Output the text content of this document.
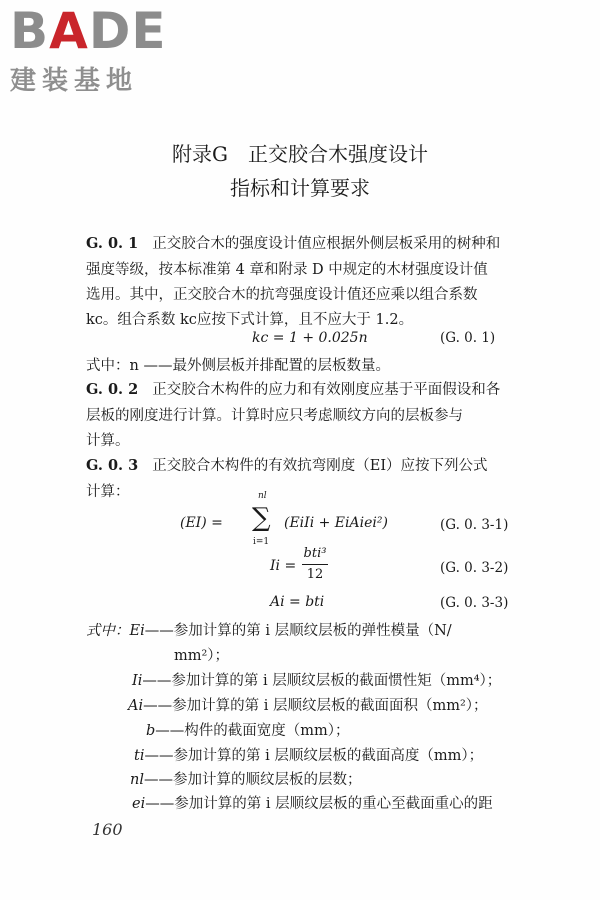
BADE
建装基地
附录G　正交胶合木强度设计
指标和计算要求
G. 0. 1 正交胶合木的强度设计值应根据外侧层板采用的树种和
强度等级，按本标准第 4 章和附录 D 中规定的木材强度设计值
选用。其中，正交胶合木的抗弯强度设计值还应乘以组合系数
kc。组合系数 kc应按下式计算，且不应大于 1.2。
kc = 1 + 0.025n	(G. 0. 1)
式中：n ——最外侧层板并排配置的层板数量。
G. 0. 2 正交胶合木构件的应力和有效刚度应基于平面假设和各
层板的刚度进行计算。计算时应只考虑顺纹方向的层板参与
计算。
G. 0. 3 正交胶合木构件的有效抗弯刚度（EI）应按下列公式
计算：
(EI) =
nl
∑
i=1
(EiIi + EiAiei²)	(G. 0. 3-1)
Ii =
bti³
12	(G. 0. 3-2)
Ai = bti	(G. 0. 3-3)
式中：Ei——参加计算的第 i 层顺纹层板的弹性模量（N/
mm²）；
Ii——参加计算的第 i 层顺纹层板的截面惯性矩（mm⁴）；
Ai——参加计算的第 i 层顺纹层板的截面面积（mm²）；
b——构件的截面宽度（mm）；
ti——参加计算的第 i 层顺纹层板的截面高度（mm）；
nl——参加计算的顺纹层板的层数；
ei——参加计算的第 i 层顺纹层板的重心至截面重心的距
160
